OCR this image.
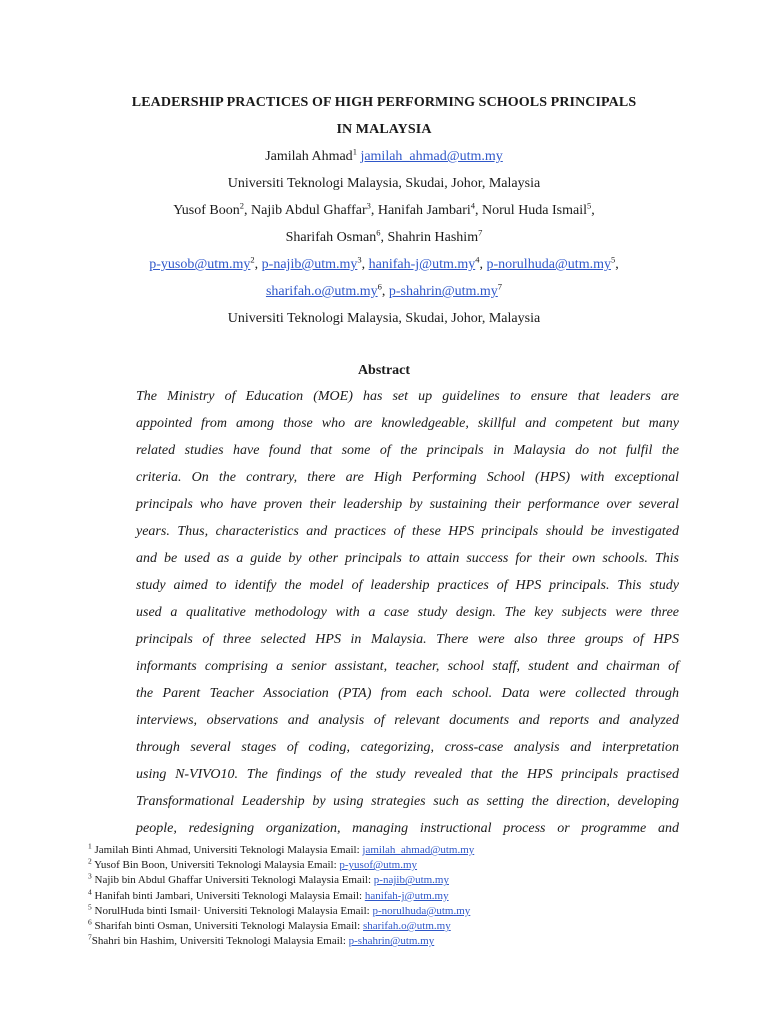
LEADERSHIP PRACTICES OF HIGH PERFORMING SCHOOLS PRINCIPALS
IN MALAYSIA
Jamilah Ahmad$^1$ jamilah_ahmad@utm.my
Universiti Teknologi Malaysia, Skudai, Johor, Malaysia
Yusof Boon$^2$, Najib Abdul Ghaffar$^3$, Hanifah Jambari$^4$, Norul Huda Ismail$^5$,
Sharifah Osman$^6$, Shahrin Hashim$^7$
$p-yusob@utm.my^2$, $p-najib@utm.my^3$, hanifah-$j@utm.my^4$, $p-norulhuda@utm.my^5$,
$sharifah.o@utm.my^6$, $p-shahrin@utm.my^7$
Universiti Teknologi Malaysia, Skudai, Johor, Malaysia
Abstract
The Ministry of Education (MOE) has set up guidelines to ensure that leaders are
appointed from among those who are knowledgeable, skillful and competent but many
related studies have found that some of the principals in Malaysia do not fulfil the
criteria. On the contrary, there are High Performing School (HPS) with exceptional
principals who have proven their leadership by sustaining their performance over several
years. Thus, characteristics and practices of these HPS principals should be investigated
and be used as a guide by other principals to attain success for their own schools. This
study aimed to identify the model of leadership practices of HPS principals. This study
used a qualitative methodology with a case study design. The key subjects were three
principals of three selected HPS in Malaysia. There were also three groups of HPS
informants comprising a senior assistant, teacher, school staff, student and chairman of
the Parent Teacher Association (PTA) from each school. Data were collected through
interviews, observations and analysis of relevant documents and reports and analyzed
through several stages of coding, categorizing, cross-case analysis and interpretation
using N-VIVO10. The findings of the study revealed that the HPS principals practised
Transformational Leadership by using strategies such as setting the direction, developing
people, redesigning organization, managing instructional process or programme and
$^1$ Jamilah Binti Ahmad, Universiti Teknologi Malaysia Email: jamilah_ahmad@utm.my
$^2$ Yusof Bin Boon, Universiti Teknologi Malaysia Email: p-yusof@utm.my
$^3$ Najib bin Abdul Ghaffar Universiti Teknologi Malaysia Email: p-najib@utm.my
$^4$ Hanifah binti Jambari, Universiti Teknologi Malaysia Email: hanifah-j@utm.my
$^5$ NorulHuda binti Ismail· Universiti Teknologi Malaysia Email: p-norulhuda@utm.my
$^6$ Sharifah binti Osman, Universiti Teknologi Malaysia Email: sharifah.o@utm.my
$^7$Shahri bin Hashim, Universiti Teknologi Malaysia Email: p-shahrin@utm.my
